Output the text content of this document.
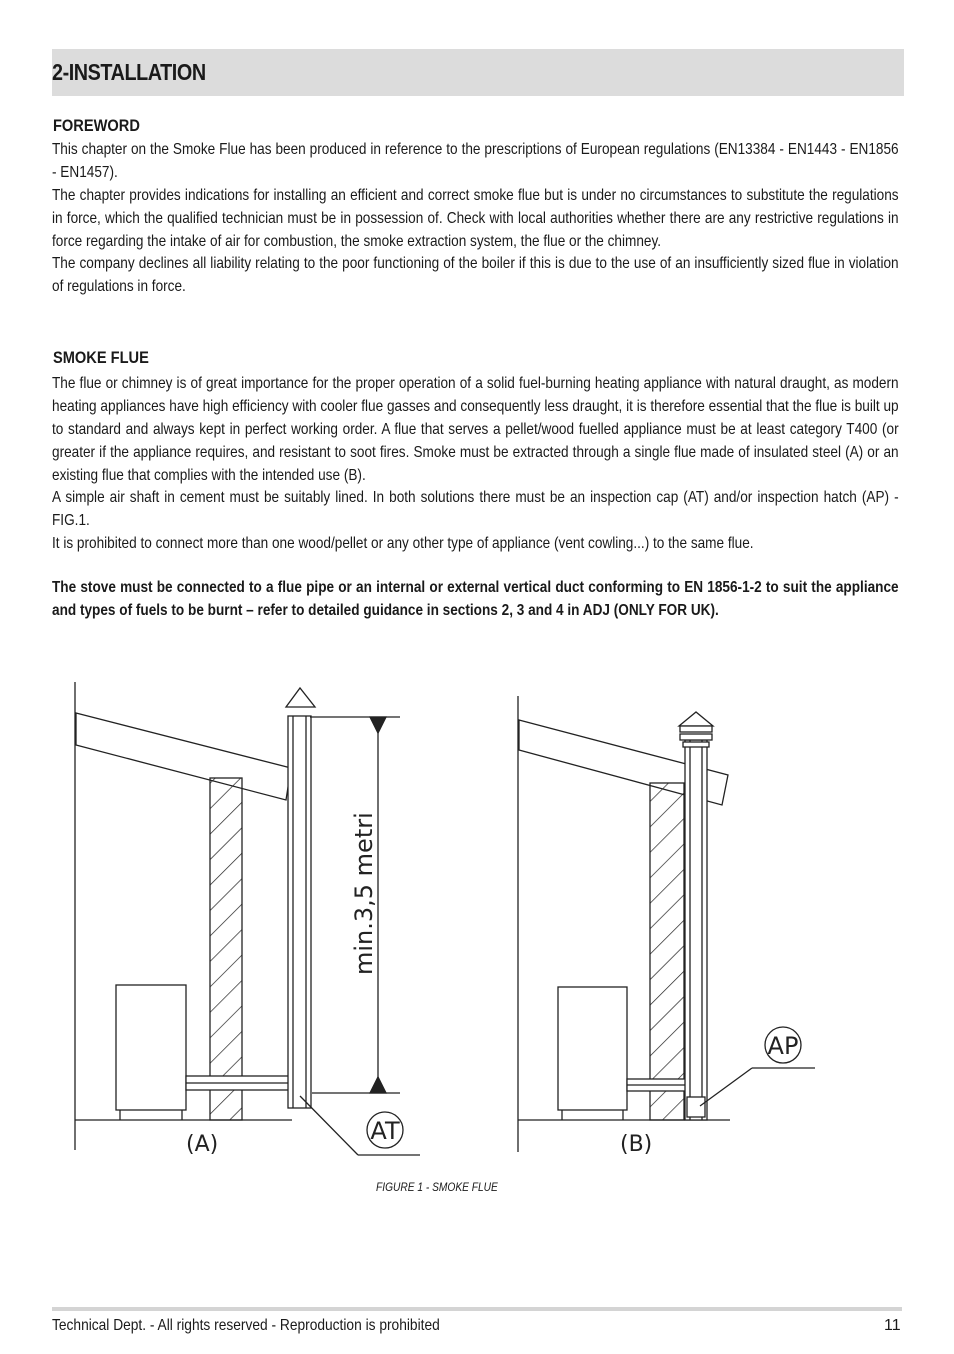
2-INSTALLATION
FOREWORD
This chapter on the Smoke Flue has been produced in reference to the prescriptions of European regulations (EN13384 - EN1443 - EN1856 - EN1457).
The chapter provides indications for installing an efficient and correct smoke flue but is under no circumstances to substitute the regulations in force, which the qualified technician must be in possession of. Check with local authorities whether there are any restrictive regulations in force regarding the intake of air for combustion, the smoke extraction system, the flue or the chimney.
The company declines all liability relating to the poor functioning of the boiler if this is due to the use of an insufficiently sized flue in violation of regulations in force.
SMOKE FLUE
The flue or chimney is of great importance for the proper operation of a solid fuel-burning heating appliance with natural draught, as modern heating appliances have high efficiency with cooler flue gasses and consequently less draught, it is therefore essential that the flue is built up to standard and always kept in perfect working order. A flue that serves a pellet/wood fuelled appliance must be at least category T400 (or greater if the appliance requires, and resistant to soot fires. Smoke must be extracted through a single flue made of insulated steel (A) or an existing flue that complies with the intended use (B).
A simple air shaft in cement must be suitably lined. In both solutions there must be an inspection cap (AT) and/or inspection hatch (AP) - FIG.1.
It is prohibited to connect more than one wood/pellet or any other type of appliance (vent cowling...) to the same flue.
The stove must be connected to a flue pipe or an internal or external vertical duct conforming to EN 1856-1-2 to suit the appliance and types of fuels to be burnt – refer to detailed guidance in sections 2, 3 and 4 in ADJ (ONLY FOR UK).
min.3,5 metri
AT
(A)
AP
(B)
FIGURE 1 - SMOKE FLUE
Technical Dept. - All rights reserved - Reproduction is prohibited	11
